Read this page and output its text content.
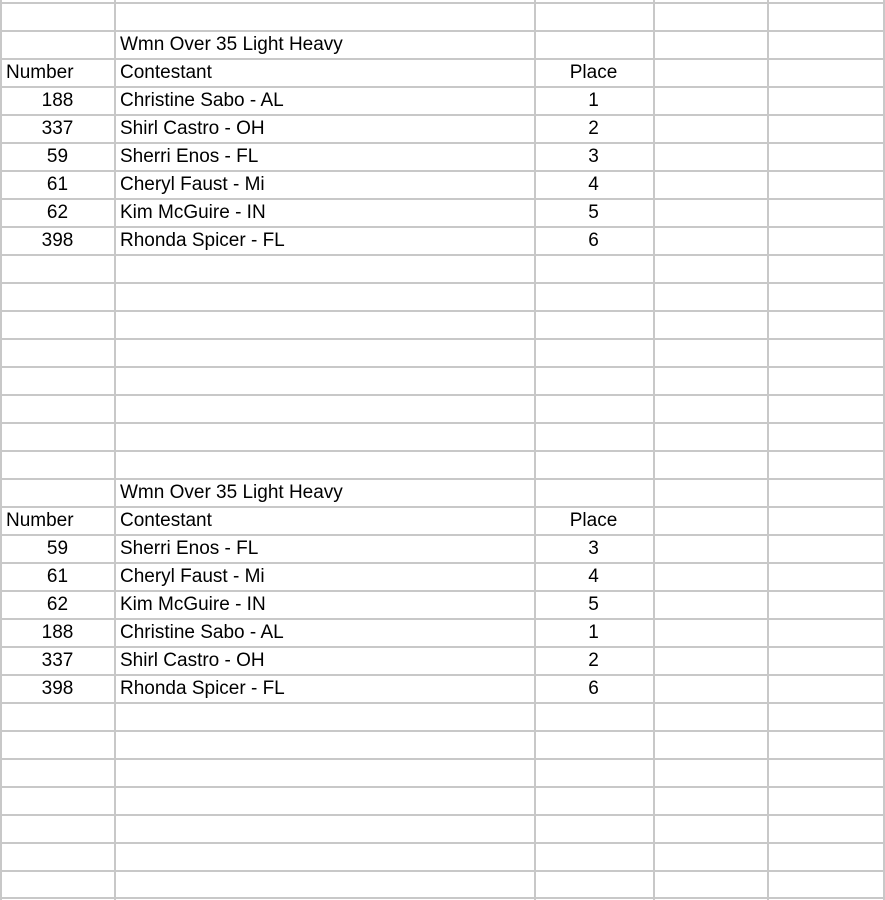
Wmn Over 35 Light Heavy
Number	Contestant	Place
188	Christine Sabo - AL	1
337	Shirl Castro - OH	2
59	Sherri Enos - FL	3
61	Cheryl Faust - Mi	4
62	Kim McGuire - IN	5
398	Rhonda Spicer - FL	6
Wmn Over 35 Light Heavy
Number	Contestant	Place
59	Sherri Enos - FL	3
61	Cheryl Faust - Mi	4
62	Kim McGuire - IN	5
188	Christine Sabo - AL	1
337	Shirl Castro - OH	2
398	Rhonda Spicer - FL	6
